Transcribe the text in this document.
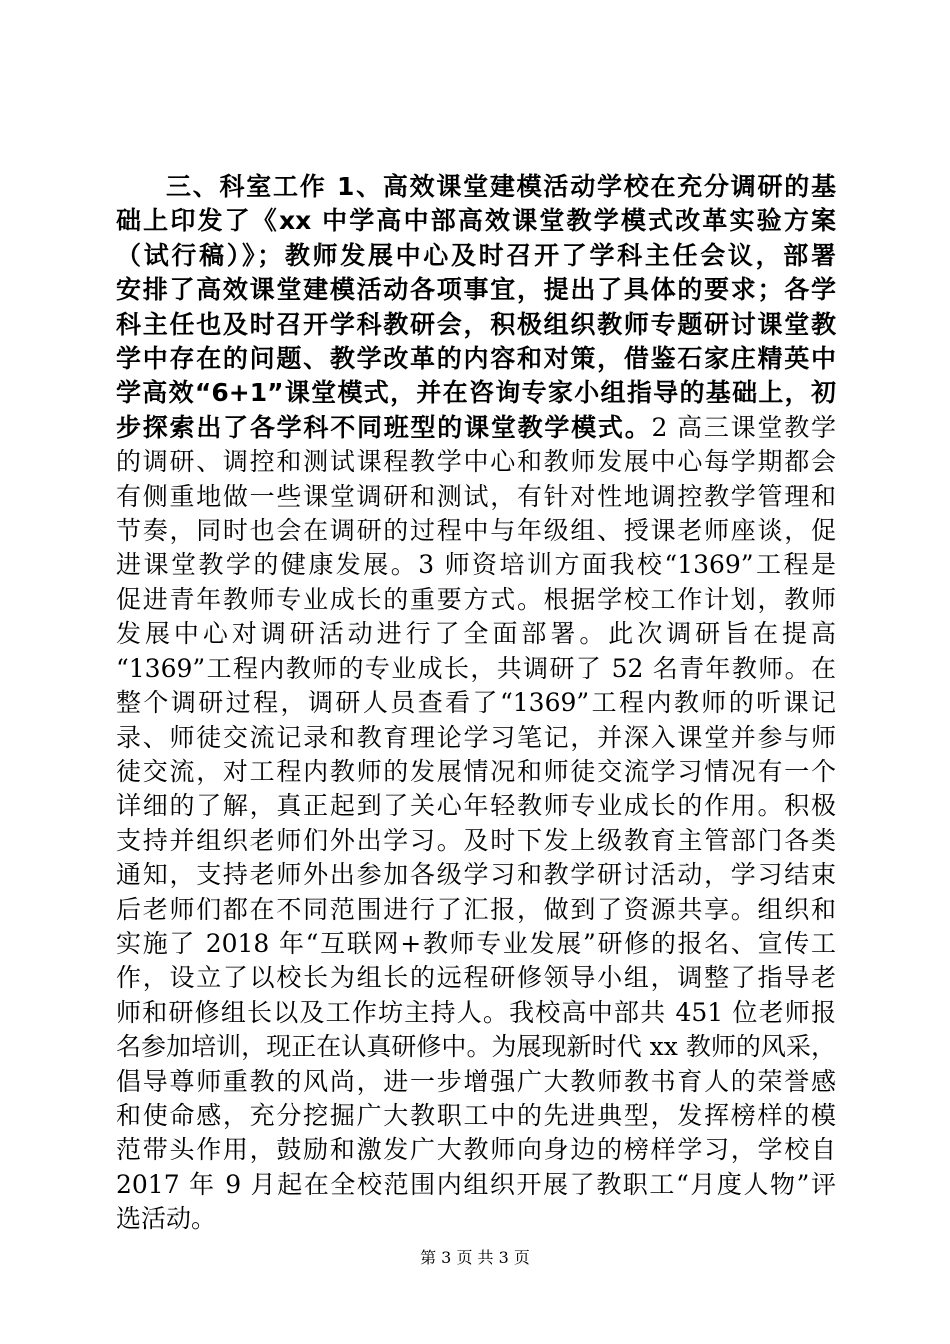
三、科室工作 1、高效课堂建模活动学校在充分调研的基
础上印发了《xx 中学高中部高效课堂教学模式改革实验方案
（试行稿）》；教师发展中心及时召开了学科主任会议，部署
安排了高效课堂建模活动各项事宜，提出了具体的要求；各学
科主任也及时召开学科教研会，积极组织教师专题研讨课堂教
学中存在的问题、教学改革的内容和对策，借鉴石家庄精英中
学高效“6+1”课堂模式，并在咨询专家小组指导的基础上，初
步探索出了各学科不同班型的课堂教学模式。2 高三课堂教学
的调研、调控和测试课程教学中心和教师发展中心每学期都会
有侧重地做一些课堂调研和测试，有针对性地调控教学管理和
节奏，同时也会在调研的过程中与年级组、授课老师座谈，促
进课堂教学的健康发展。3 师资培训方面我校“1369”工程是
促进青年教师专业成长的重要方式。根据学校工作计划，教师
发展中心对调研活动进行了全面部署。此次调研旨在提高
“1369”工程内教师的专业成长，共调研了 52 名青年教师。在
整个调研过程，调研人员查看了“1369”工程内教师的听课记
录、师徒交流记录和教育理论学习笔记，并深入课堂并参与师
徒交流，对工程内教师的发展情况和师徒交流学习情况有一个
详细的了解，真正起到了关心年轻教师专业成长的作用。积极
支持并组织老师们外出学习。及时下发上级教育主管部门各类
通知，支持老师外出参加各级学习和教学研讨活动，学习结束
后老师们都在不同范围进行了汇报，做到了资源共享。组织和
实施了 2018 年“互联网+教师专业发展”研修的报名、宣传工
作，设立了以校长为组长的远程研修领导小组，调整了指导老
师和研修组长以及工作坊主持人。我校高中部共 451 位老师报
名参加培训，现正在认真研修中。为展现新时代 xx 教师的风采，
倡导尊师重教的风尚，进一步增强广大教师教书育人的荣誉感
和使命感，充分挖掘广大教职工中的先进典型，发挥榜样的模
范带头作用，鼓励和激发广大教师向身边的榜样学习，学校自
2017 年 9 月起在全校范围内组织开展了教职工“月度人物”评
选活动。
第 3 页 共 3 页
